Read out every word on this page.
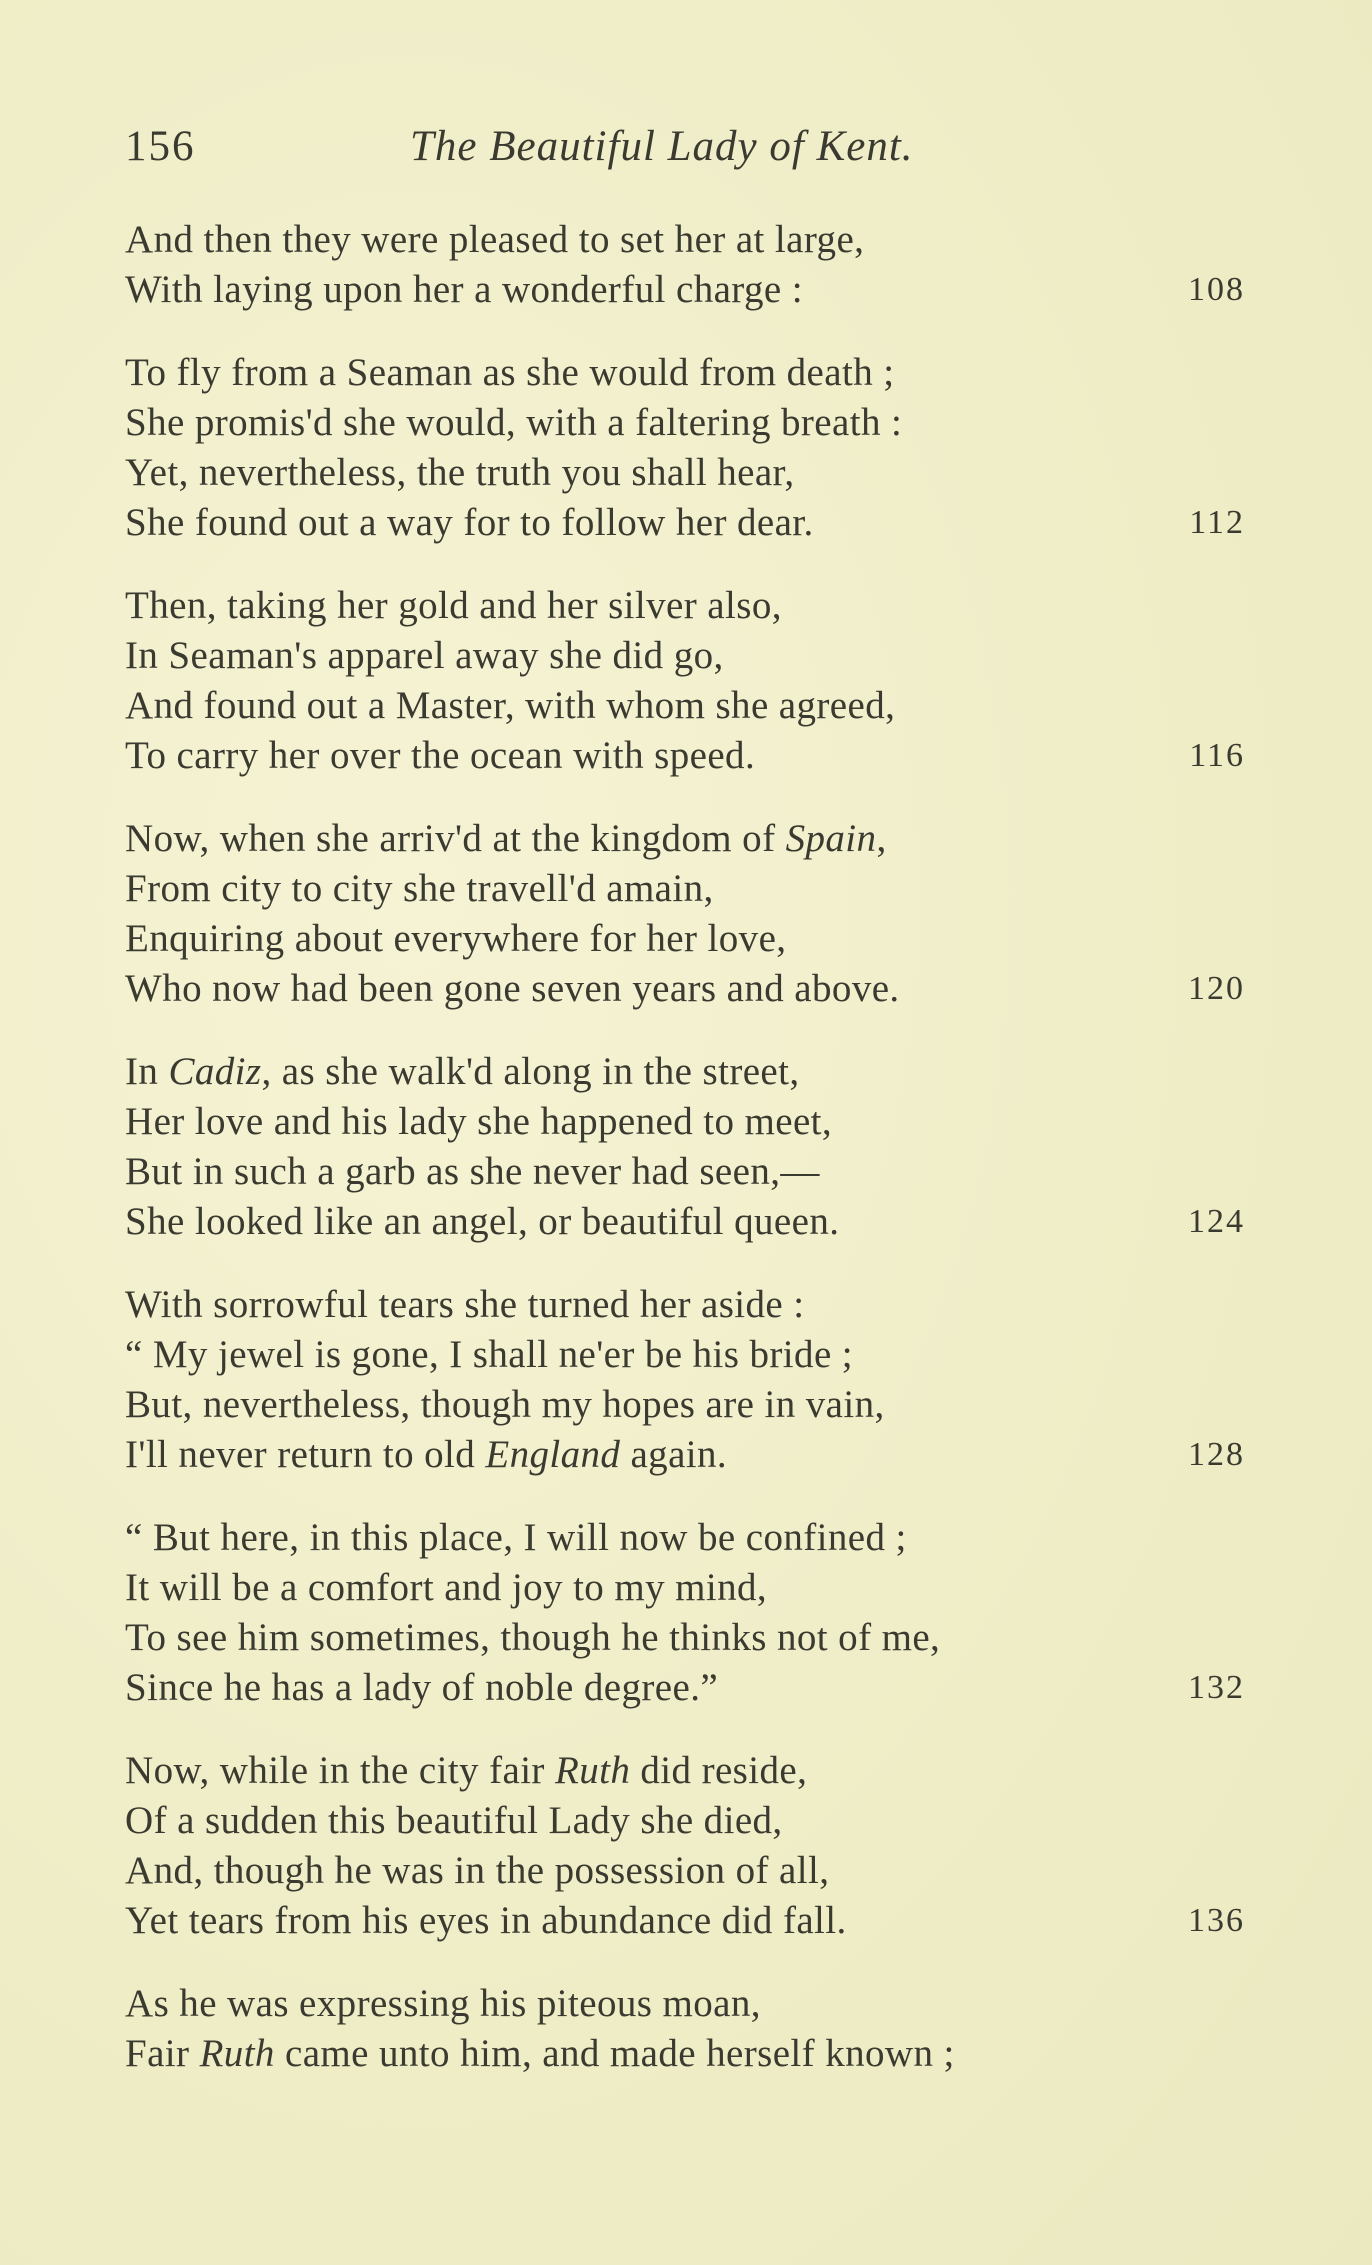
156	The Beautiful Lady of Kent.
And then they were pleased to set her at large,
With laying upon her a wonderful charge :	108
To fly from a Seaman as she would from death ;
She promis'd she would, with a faltering breath :
Yet, nevertheless, the truth you shall hear,
She found out a way for to follow her dear.	112
Then, taking her gold and her silver also,
In Seaman's apparel away she did go,
And found out a Master, with whom she agreed,
To carry her over the ocean with speed.	116
Now, when she arriv'd at the kingdom of Spain,
From city to city she travell'd amain,
Enquiring about everywhere for her love,
Who now had been gone seven years and above.	120
In Cadiz, as she walk'd along in the street,
Her love and his lady she happened to meet,
But in such a garb as she never had seen,—
She looked like an angel, or beautiful queen.	124
With sorrowful tears she turned her aside :
“ My jewel is gone, I shall ne'er be his bride ;
But, nevertheless, though my hopes are in vain,
I'll never return to old England again.	128
“ But here, in this place, I will now be confined ;
It will be a comfort and joy to my mind,
To see him sometimes, though he thinks not of me,
Since he has a lady of noble degree.”	132
Now, while in the city fair Ruth did reside,
Of a sudden this beautiful Lady she died,
And, though he was in the possession of all,
Yet tears from his eyes in abundance did fall.	136
As he was expressing his piteous moan,
Fair Ruth came unto him, and made herself known ;
